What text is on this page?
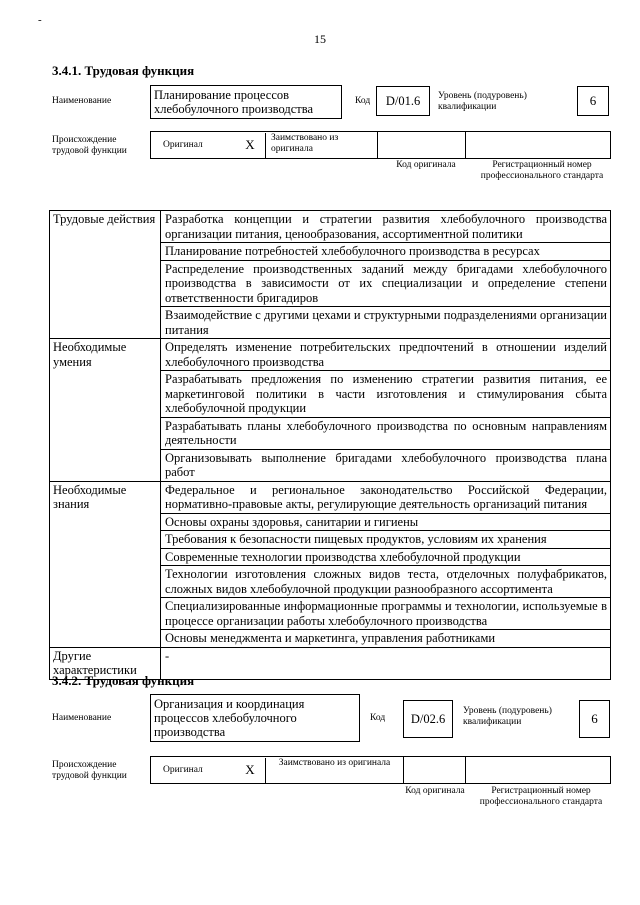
-
15
3.4.1. Трудовая функция
Наименование	Планирование процессов хлебобулочного производства
Код	D/01.6	Уровень (подуровень) квалификации	6
Происхождение трудовой функции
Оригинал	X	Заимствовано из оригинала
Код оригинала	Регистрационный номер профессионального стандарта
Трудовые действия	Разработка концепции и стратегии развития хлебобулочного производства организации питания, ценообразования, ассортиментной политики
	Планирование потребностей хлебобулочного производства в ресурсах
	Распределение производственных заданий между бригадами хлебобулочного производства в зависимости от их специализации и определение степени ответственности бригадиров
	Взаимодействие с другими цехами и структурными подразделениями организации питания
Необходимые умения	Определять изменение потребительских предпочтений в отношении изделий хлебобулочного производства
	Разрабатывать предложения по изменению стратегии развития питания, ее маркетинговой политики в части изготовления и стимулирования сбыта хлебобулочной продукции
	Разрабатывать планы хлебобулочного производства по основным направлениям деятельности
	Организовывать выполнение бригадами хлебобулочного производства плана работ
Необходимые знания	Федеральное и региональное законодательство Российской Федерации, нормативно-правовые акты, регулирующие деятельность организаций питания
	Основы охраны здоровья, санитарии и гигиены
	Требования к безопасности пищевых продуктов, условиям их хранения
	Современные технологии производства хлебобулочной продукции
	Технологии изготовления сложных видов теста, отделочных полуфабрикатов, сложных видов хлебобулочной продукции разнообразного ассортимента
	Специализированные информационные программы и технологии, используемые в процессе организации работы хлебобулочного производства
	Основы менеджмента и маркетинга, управления работниками
Другие характеристики	-
3.4.2. Трудовая функция
Наименование
Организация и координация процессов хлебобулочного производства
Код	D/02.6
Уровень (подуровень) квалификации	6
Происхождение трудовой функции
Оригинал	X	Заимствовано из оригинала
Код оригинала	Регистрационный номер профессионального стандарта
